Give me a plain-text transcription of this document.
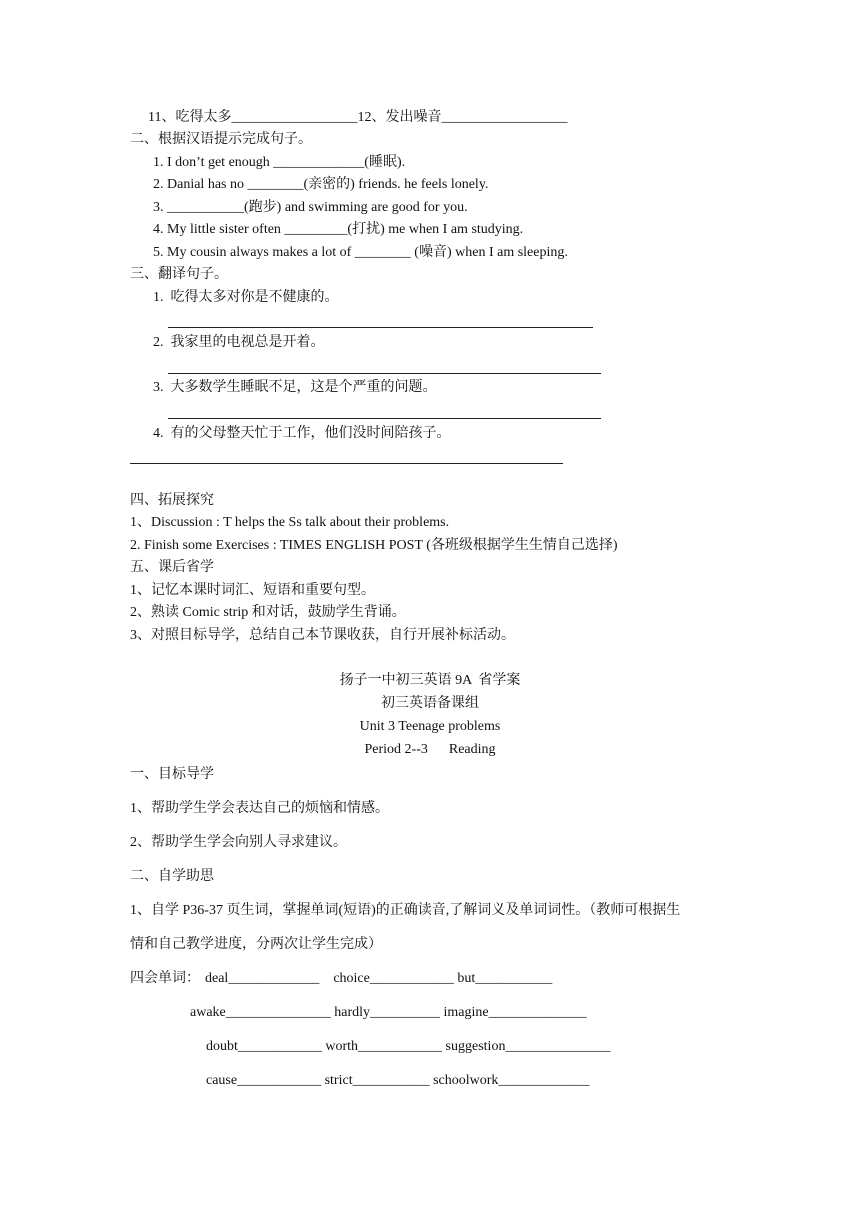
11、吃得太多__________________12、发出噪音__________________
二、根据汉语提示完成句子。
1. I don’t get enough _____________(睡眠).
2. Danial has no ________(亲密的) friends. he feels lonely.
3. ___________(跑步) and swimming are good for you.
4. My little sister often _________(打扰) me when I am studying.
5. My cousin always makes a lot of ________ (噪音) when I am sleeping.
三、翻译句子。
1.  吃得太多对你是不健康的。
2.  我家里的电视总是开着。
3.  大多数学生睡眠不足，这是个严重的问题。
4.  有的父母整天忙于工作，他们没时间陪孩子。
四、拓展探究
1、Discussion : T helps the Ss talk about their problems.
2. Finish some Exercises : TIMES ENGLISH POST (各班级根据学生生情自己选择)
五、课后省学
1、记忆本课时词汇、短语和重要句型。
2、熟读 Comic strip 和对话，鼓励学生背诵。
3、对照目标导学，总结自己本节课收获，自行开展补标活动。
扬子一中初三英语 9A  省学案
初三英语备课组
Unit 3 Teenage problems
Period 2--3      Reading
一、目标导学
1、帮助学生学会表达自己的烦恼和情感。
2、帮助学生学会向别人寻求建议。
二、自学助思
1、自学 P36-37 页生词，掌握单词(短语)的正确读音,了解词义及单词词性。（教师可根据生
情和自己教学进度，分两次让学生完成）
四会单词： deal_____________    choice____________ but___________
awake_______________ hardly__________ imagine______________
doubt____________ worth____________ suggestion_______________
cause____________ strict___________ schoolwork_____________
